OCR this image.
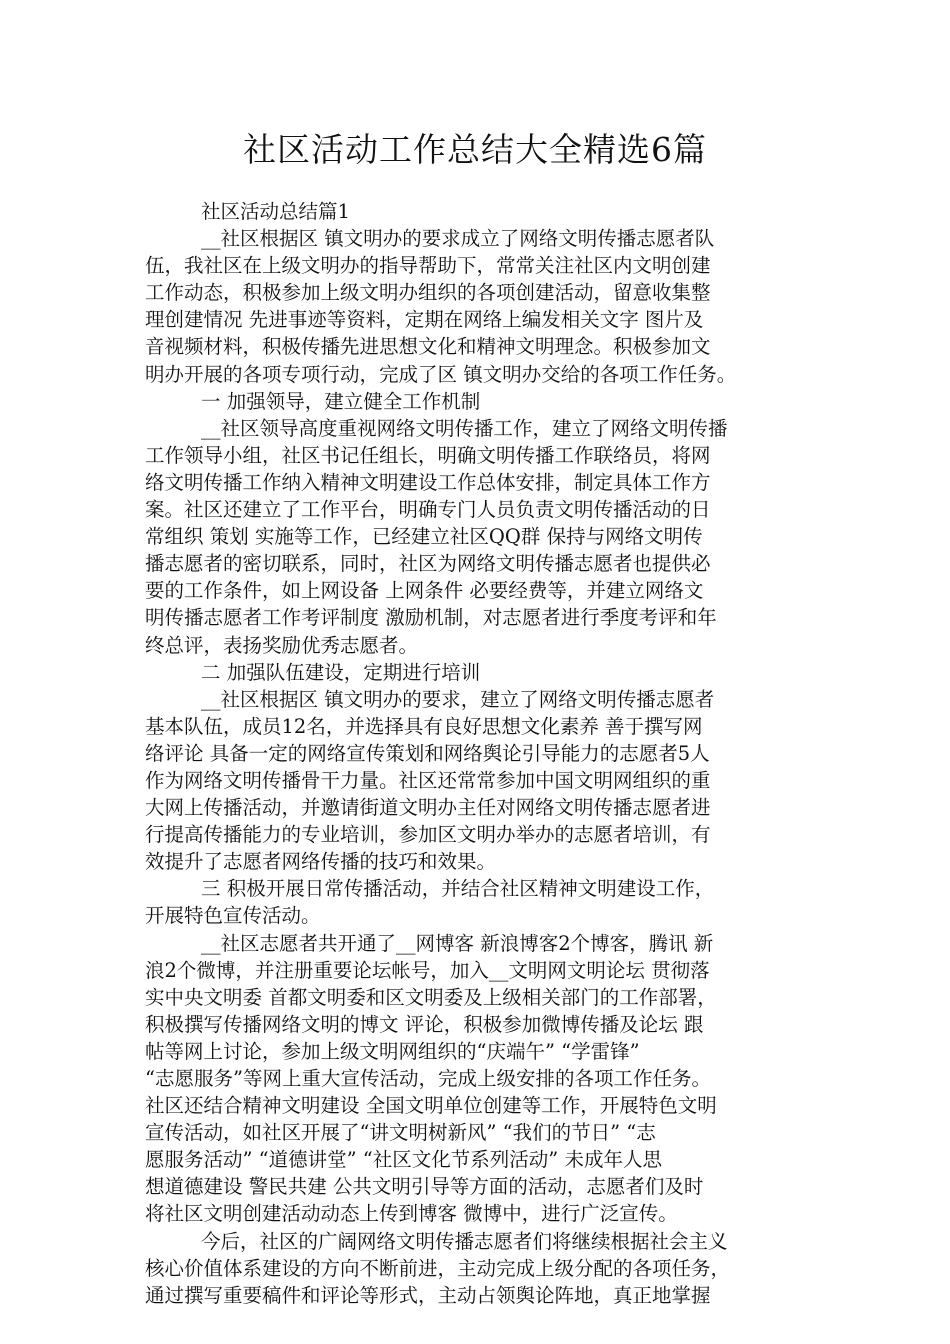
社区活动工作总结大全精选6篇
社区活动总结篇1
__社区根据区 镇文明办的要求成立了网络文明传播志愿者队
伍，我社区在上级文明办的指导帮助下，常常关注社区内文明创建
工作动态，积极参加上级文明办组织的各项创建活动，留意收集整
理创建情况 先进事迹等资料，定期在网络上编发相关文字 图片及
音视频材料，积极传播先进思想文化和精神文明理念。积极参加文
明办开展的各项专项行动，完成了区 镇文明办交给的各项工作任务。
一 加强领导，建立健全工作机制
__社区领导高度重视网络文明传播工作，建立了网络文明传播
工作领导小组，社区书记任组长，明确文明传播工作联络员，将网
络文明传播工作纳入精神文明建设工作总体安排，制定具体工作方
案。社区还建立了工作平台，明确专门人员负责文明传播活动的日
常组织 策划 实施等工作，已经建立社区QQ群 保持与网络文明传
播志愿者的密切联系，同时，社区为网络文明传播志愿者也提供必
要的工作条件，如上网设备 上网条件 必要经费等，并建立网络文
明传播志愿者工作考评制度 激励机制，对志愿者进行季度考评和年
终总评，表扬奖励优秀志愿者。
二 加强队伍建设，定期进行培训
__社区根据区 镇文明办的要求，建立了网络文明传播志愿者
基本队伍，成员12名，并选择具有良好思想文化素养 善于撰写网
络评论 具备一定的网络宣传策划和网络舆论引导能力的志愿者5人
作为网络文明传播骨干力量。社区还常常参加中国文明网组织的重
大网上传播活动，并邀请街道文明办主任对网络文明传播志愿者进
行提高传播能力的专业培训，参加区文明办举办的志愿者培训，有
效提升了志愿者网络传播的技巧和效果。
三 积极开展日常传播活动，并结合社区精神文明建设工作，
开展特色宣传活动。
__社区志愿者共开通了__网博客 新浪博客2个博客，腾讯 新
浪2个微博，并注册重要论坛帐号，加入__文明网文明论坛 贯彻落
实中央文明委 首都文明委和区文明委及上级相关部门的工作部署，
积极撰写传播网络文明的博文 评论，积极参加微博传播及论坛 跟
帖等网上讨论，参加上级文明网组织的“庆端午” “学雷锋”
“志愿服务”等网上重大宣传活动，完成上级安排的各项工作任务。
社区还结合精神文明建设 全国文明单位创建等工作，开展特色文明
宣传活动，如社区开展了“讲文明树新风” “我们的节日” “志
愿服务活动” “道德讲堂” “社区文化节系列活动” 未成年人思
想道德建设 警民共建 公共文明引导等方面的活动，志愿者们及时
将社区文明创建活动动态上传到博客 微博中，进行广泛宣传。
今后，社区的广阔网络文明传播志愿者们将继续根据社会主义
核心价值体系建设的方向不断前进，主动完成上级分配的各项任务，
通过撰写重要稿件和评论等形式，主动占领舆论阵地，真正地掌握
